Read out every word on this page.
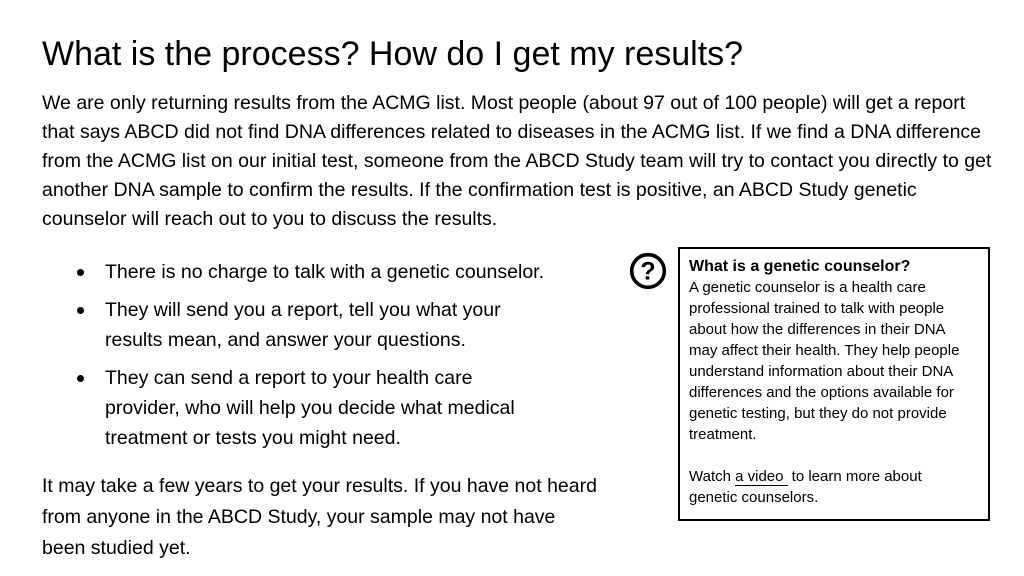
What is the process? How do I get my results?

We are only returning results from the ACMG list. Most people (about 97 out of 100 people) will get a report that says ABCD did not find DNA differences related to diseases in the ACMG list. If we find a DNA difference from the ACMG list on our initial test, someone from the ABCD Study team will try to contact you directly to get another DNA sample to confirm the results. If the confirmation test is positive, an ABCD Study genetic counselor will reach out to you to discuss the results.

There is no charge to talk with a genetic counselor.
They will send you a report, tell you what your
results mean, and answer your questions.
They can send a report to your health care
provider, who will help you decide what medical
treatment or tests you might need.
? What is a genetic counselor?

A genetic counselor is a health care
professional trained to talk with people
about how the differences in their DNA
may affect their health. They help people
understand information about their DNA
differences and the options available for
genetic testing, but they do not provide
treatment.

Watch a video to learn more about
genetic counselors.

It may take a few years to get your results. If you have not heard
from anyone in the ABCD Study, your sample may not have
been studied yet.
